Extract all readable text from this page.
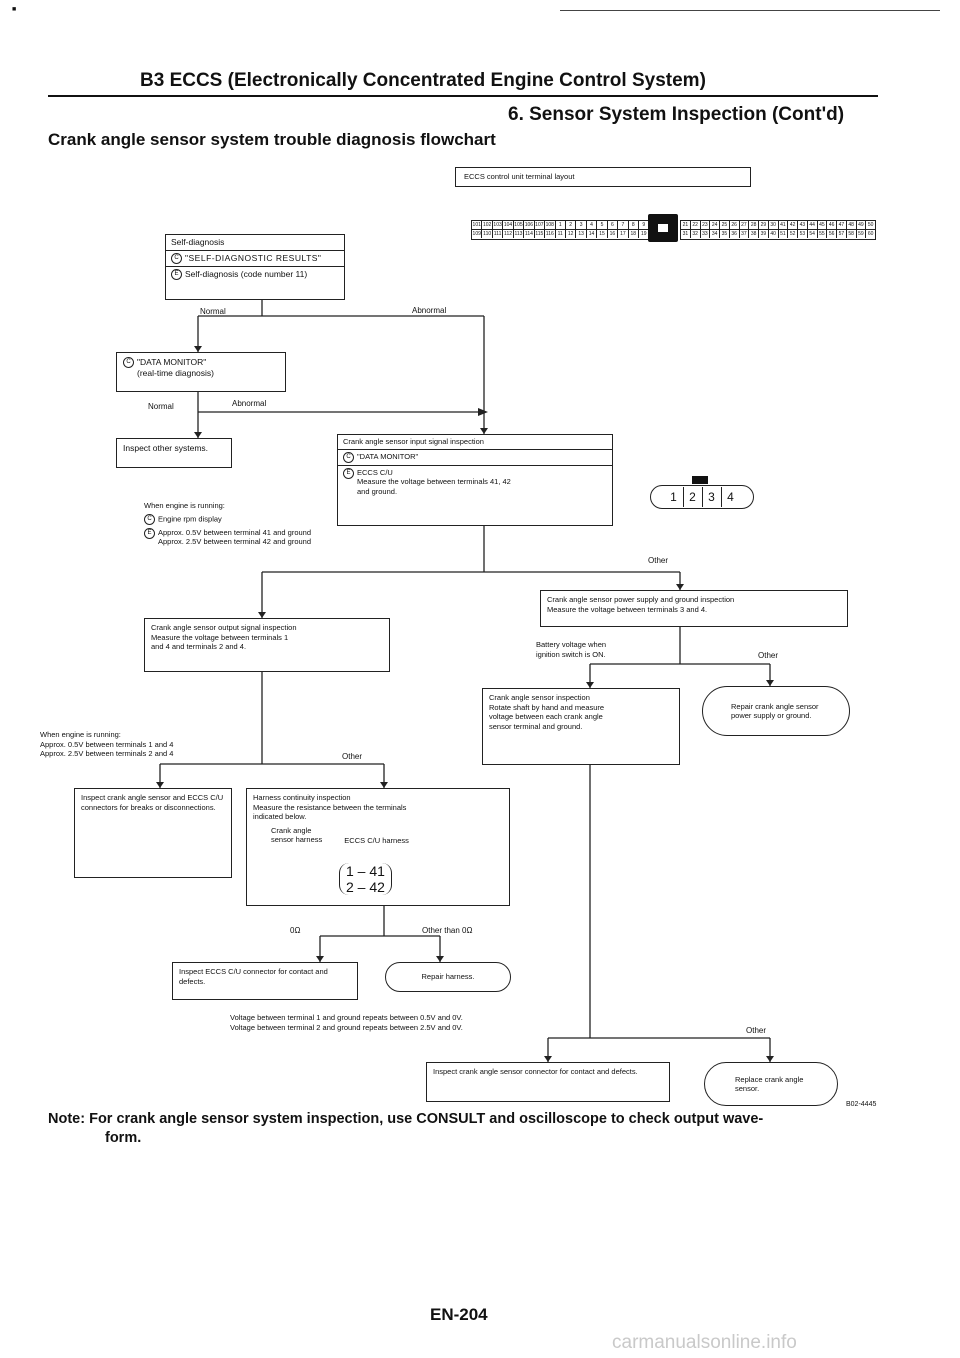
■
B3 ECCS (Electronically Concentrated Engine Control System)
6. Sensor System Inspection (Cont'd)
Crank angle sensor system trouble diagnosis flowchart
ECCS control unit terminal layout
101 102 103 104 105 106 107 108 1	2	3	4	5	6	7	8	9
109 110 111 112 113 114 115 116 11	12 13 14 15 16 17 18 19
21 22 23 24 25 26 27 28 29 30 41 42 43 44 45 46 47 48 49 50
31 32 33 34 35 36 37 38 39 40 51 52 53 54 55 56 57 58 59 60
Self-diagnosis
C "SELF-DIAGNOSTIC RESULTS"
E Self-diagnosis (code number 11)
Normal	Abnormal
C "DATA MONITOR"
(real-time diagnosis)
Normal	Abnormal
Inspect other systems.
Crank angle sensor input signal inspection
C "DATA MONITOR"
E ECCS C/U
Measure the voltage between terminals 41, 42
and ground.	1	2	3	4
When engine is running:
C Engine rpm display
E Approx. 0.5V between terminal 41 and ground
Approx. 2.5V between terminal 42 and ground
Other
Crank angle sensor power supply and ground inspection
Measure the voltage between terminals 3 and 4.
Battery voltage when
ignition switch is ON.	Other
Crank angle sensor output signal inspection
Measure the voltage between terminals 1
and 4 and terminals 2 and 4.
Repair crank angle sensor power supply or ground.
Crank angle sensor inspection
Rotate shaft by hand and measure
voltage between each crank angle
sensor terminal and ground.
When engine is running:
Approx. 0.5V between terminals 1 and 4
Approx. 2.5V between terminals 2 and 4	Other
Inspect crank angle sensor and ECCS C/U connectors for breaks or disconnections.
Harness continuity inspection
Measure the resistance between the terminals
indicated below.
Crank angle
sensor harness	ECCS C/U harness
1 – 41
2 – 42
0Ω	Other than 0Ω
Inspect ECCS C/U connector for contact and defects.	Repair harness.
Voltage between terminal 1 and ground repeats between 0.5V and 0V.
Voltage between terminal 2 and ground repeats between 2.5V and 0V.	Other
Inspect crank angle sensor connector for contact and defects.
Replace crank angle sensor.
B02-4445
Note: For crank angle sensor system inspection, use CONSULT and oscilloscope to check output wave-
form.
EN-204
carmanualsonline.info
